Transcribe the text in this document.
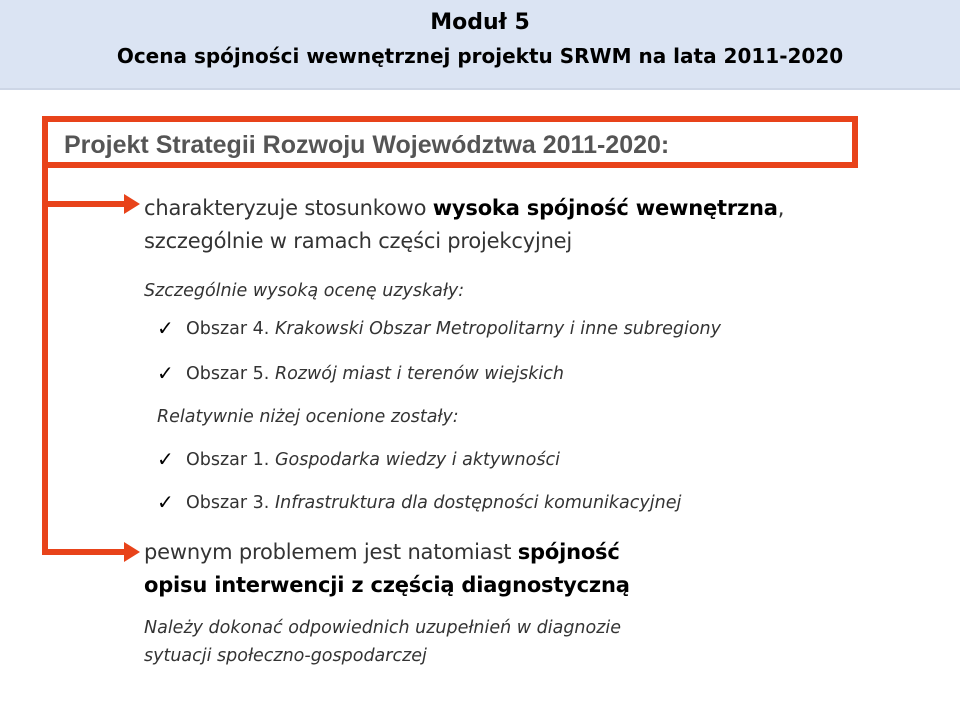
Moduł 5
Ocena spójności wewnętrznej projektu SRWM na lata 2011-2020
Projekt Strategii Rozwoju Województwa 2011-2020:
charakteryzuje stosunkowo wysoka spójność wewnętrzna,
szczególnie w ramach części projekcyjnej
Szczególnie wysoką ocenę uzyskały:
✓ Obszar 4. Krakowski Obszar Metropolitarny i inne subregiony
✓ Obszar 5. Rozwój miast i terenów wiejskich
Relatywnie niżej ocenione zostały:
✓ Obszar 1. Gospodarka wiedzy i aktywności
✓ Obszar 3. Infrastruktura dla dostępności komunikacyjnej
pewnym problemem jest natomiast spójność
opisu interwencji z częścią diagnostyczną
Należy dokonać odpowiednich uzupełnień w diagnozie
sytuacji społeczno-gospodarczej
